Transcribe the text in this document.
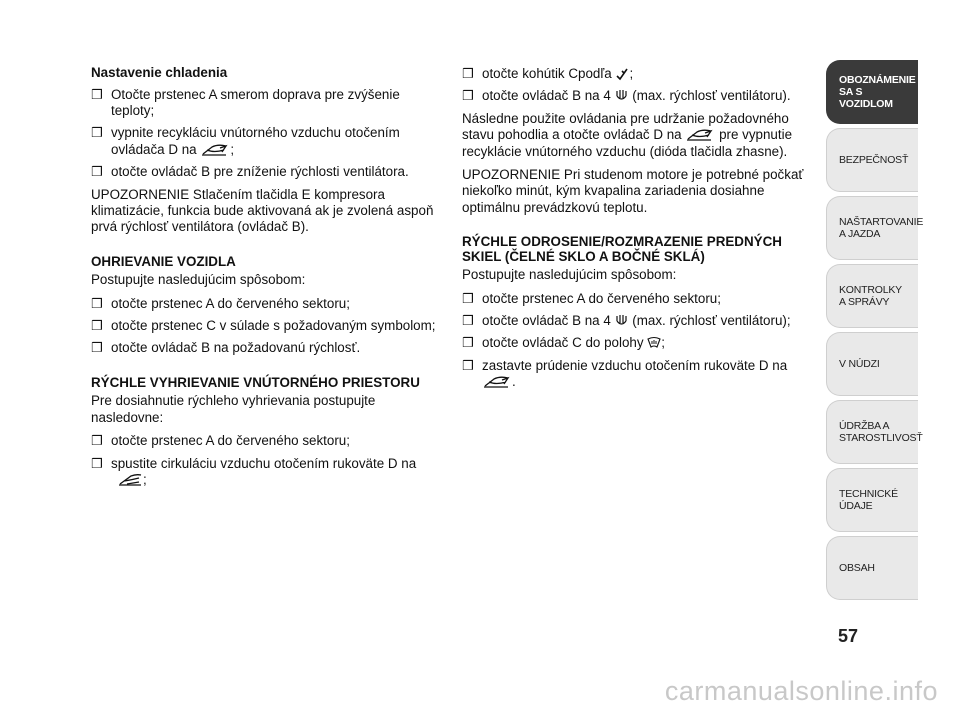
Nastavenie chladenia
❒ Otočte prstenec A smerom doprava pre zvýšenie teploty;
❒ vypnite recykláciu vnútorného vzduchu otočením ovládača D na	;
❒ otočte ovládač B pre zníženie rýchlosti ventilátora.

UPOZORNENIE Stlačením tlačidla E kompresora klimatizácie, funkcia bude aktivovaná ak je zvolená aspoň prvá rýchlosť ventilátora (ovládač B).

OHRIEVANIE VOZIDLA

Postupujte nasledujúcim spôsobom:

❒ otočte prstenec A do červeného sektoru;
❒ otočte prstenec C v súlade s požadovaným symbolom;
❒ otočte ovládač B na požadovanú rýchlosť.
RÝCHLE VYHRIEVANIE VNÚTORNÉHO PRIESTORU

Pre dosiahnutie rýchleho vyhrievania postupujte nasledovne:

❒ otočte prstenec A do červeného sektoru;
❒ spustite cirkuláciu vzduchu otočením rukoväte D na

;
❒ otočte kohútik Cpodľa ;
❒ otočte ovládač B na 4 (max. rýchlosť ventilátoru).

Následne použite ovládania pre udržanie požadovného stavu pohodlia a otočte ovládač D na	pre vypnutie recyklácie vnútorného vzduchu (dióda tlačidla zhasne).

UPOZORNENIE Pri studenom motore je potrebné počkať niekoľko minút, kým kvapalina zariadenia dosiahne optimálnu prevádzkovú teplotu.

RÝCHLE ODROSENIE/ROZMRAZENIE PREDNÝCH SKIEL (ČELNÉ SKLO A BOČNÉ SKLÁ)

Postupujte nasledujúcim spôsobom:

❒ otočte prstenec A do červeného sektoru;
❒ otočte ovládač B na 4 (max. rýchlosť ventilátoru);
❒ otočte ovládač C do polohy ;
❒ zastavte prúdenie vzduchu otočením rukoväte D na

.
OBOZNÁMENIE
SA S VOZIDLOM
BEZPEČNOSŤ
NAŠTARTOVANIE
A JAZDA
KONTROLKY
A SPRÁVY
V NÚDZI
ÚDRŽBA A
STAROSTLIVOSŤ
TECHNICKÉ
ÚDAJE
OBSAH
57
carmanualsonline.info
